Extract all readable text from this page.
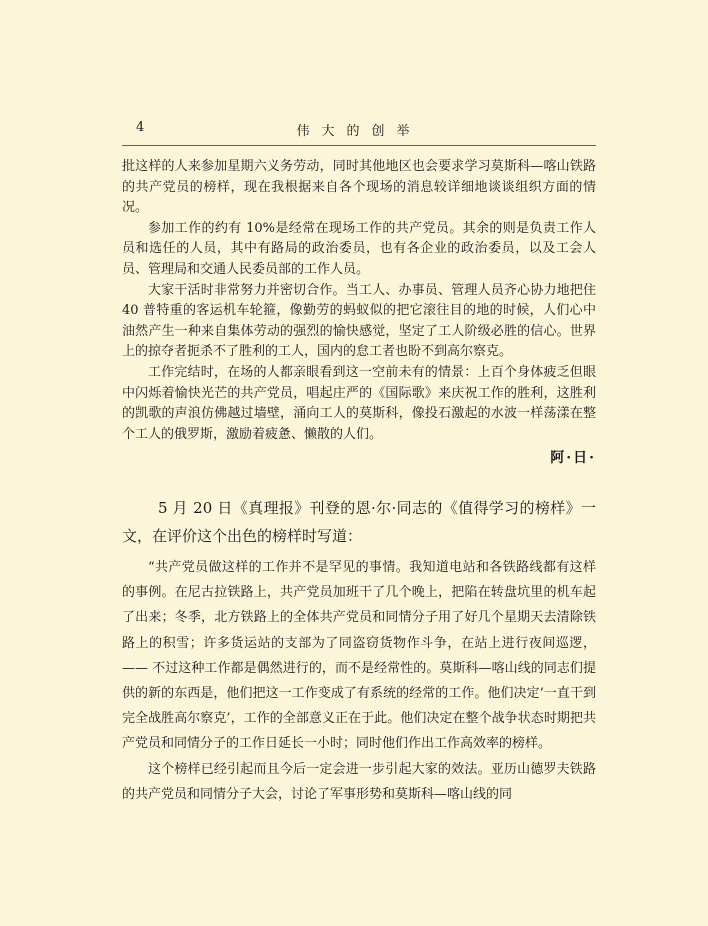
4	伟大的创举

批这样的人来参加星期六义务劳动，同时其他地区也会要求学习莫斯科—喀山铁路的共产党员的榜样，现在我根据来自各个现场的消息较详细地谈谈组织方面的情况。

参加工作的约有 10%是经常在现场工作的共产党员。其余的则是负责工作人员和选任的人员，其中有路局的政治委员，也有各企业的政治委员，以及工会人员、管理局和交通人民委员部的工作人员。

大家干活时非常努力并密切合作。当工人、办事员、管理人员齐心协力地把住 40 普特重的客运机车轮箍，像勤劳的蚂蚁似的把它滚往目的地的时候，人们心中油然产生一种来自集体劳动的强烈的愉快感觉，坚定了工人阶级必胜的信心。世界上的掠夺者扼杀不了胜利的工人，国内的怠工者也盼不到高尔察克。

工作完结时，在场的人都亲眼看到这一空前未有的情景：上百个身体疲乏但眼中闪烁着愉快光芒的共产党员，唱起庄严的《国际歌》来庆祝工作的胜利，这胜利的凯歌的声浪仿佛越过墙壁，涌向工人的莫斯科，像投石激起的水波一样荡漾在整个工人的俄罗斯，激励着疲惫、懒散的人们。

阿·日·

5 月 20 日《真理报》刊登的恩·尔·同志的《值得学习的榜样》一文，在评价这个出色的榜样时写道：

“共产党员做这样的工作并不是罕见的事情。我知道电站和各铁路线都有这样的事例。在尼古拉铁路上，共产党员加班干了几个晚上，把陷在转盘坑里的机车起了出来；冬季，北方铁路上的全体共产党员和同情分子用了好几个星期天去清除铁路上的积雪；许多货运站的支部为了同盗窃货物作斗争，在站上进行夜间巡逻，—— 不过这种工作都是偶然进行的，而不是经常性的。莫斯科—喀山线的同志们提供的新的东西是，他们把这一工作变成了有系统的经常的工作。他们决定‘一直干到完全战胜高尔察克’，工作的全部意义正在于此。他们决定在整个战争状态时期把共产党员和同情分子的工作日延长一小时；同时他们作出工作高效率的榜样。

这个榜样已经引起而且今后一定会进一步引起大家的效法。亚历山德罗夫铁路的共产党员和同情分子大会，讨论了军事形势和莫斯科—喀山线的同
